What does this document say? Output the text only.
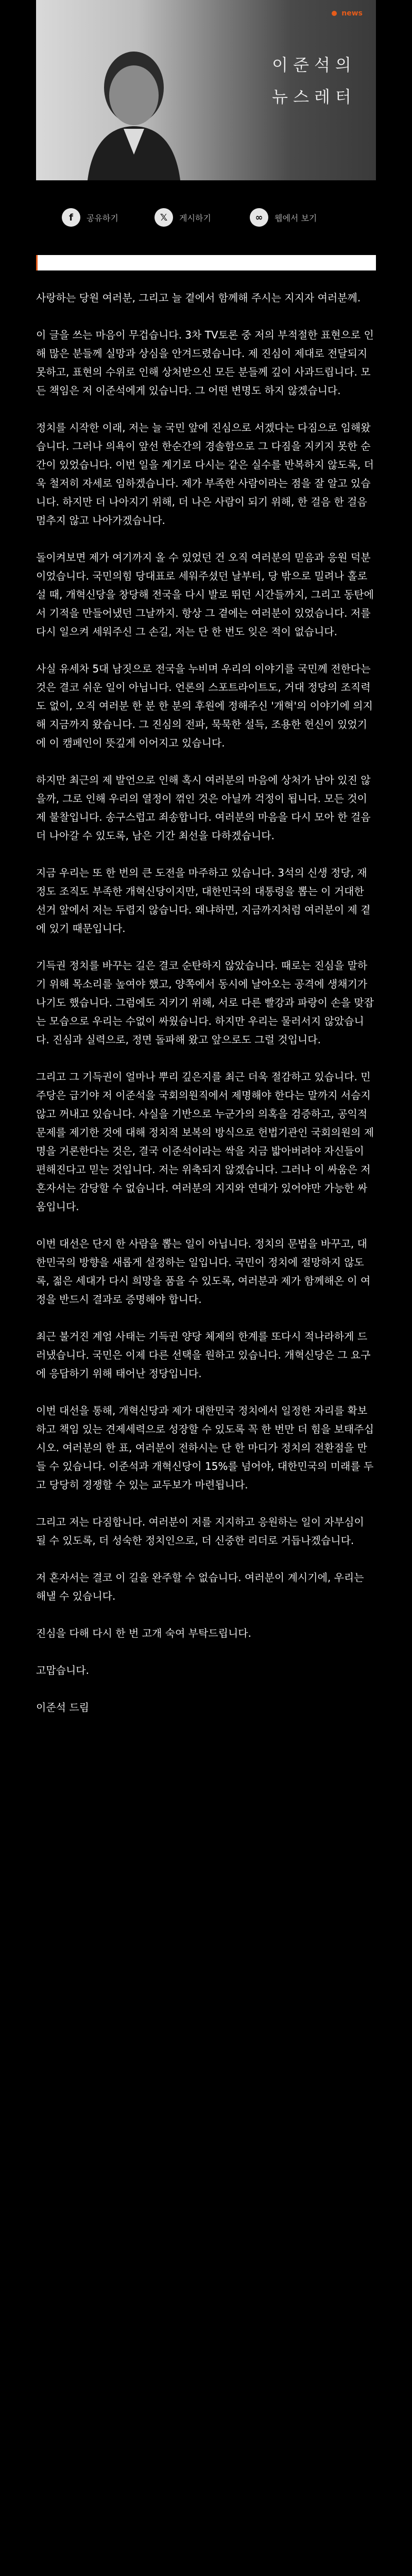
news
이준석의
뉴스레터
f	공유하기	𝕏	게시하기	∞	웹에서 보기

사랑하는 당원 여러분, 그리고 늘 곁에서 함께해 주시는 지지자 여러분께.

이 글을 쓰는 마음이 무겁습니다. 3차 TV토론 중 저의 부적절한 표현으로 인해 많은 분들께 실망과 상심을 안겨드렸습니다. 제 진심이 제대로 전달되지 못하고, 표현의 수위로 인해 상처받으신 모든 분들께 깊이 사과드립니다. 모든 책임은 저 이준석에게 있습니다. 그 어떤 변명도 하지 않겠습니다.

정치를 시작한 이래, 저는 늘 국민 앞에 진심으로 서겠다는 다짐으로 임해왔습니다. 그러나 의욕이 앞선 한순간의 경솔함으로 그 다짐을 지키지 못한 순간이 있었습니다. 이번 일을 계기로 다시는 같은 실수를 반복하지 않도록, 더욱 철저히 자세로 임하겠습니다. 제가 부족한 사람이라는 점을 잘 알고 있습니다. 하지만 더 나아지기 위해, 더 나은 사람이 되기 위해, 한 걸음 한 걸음 멈추지 않고 나아가겠습니다.

돌이켜보면 제가 여기까지 올 수 있었던 건 오직 여러분의 믿음과 응원 덕분이었습니다. 국민의힘 당대표로 세워주셨던 날부터, 당 밖으로 밀려나 홀로 설 때, 개혁신당을 창당해 전국을 다시 발로 뛰던 시간들까지, 그리고 동탄에서 기적을 만들어냈던 그날까지. 항상 그 곁에는 여러분이 있었습니다. 저를 다시 일으켜 세워주신 그 손길, 저는 단 한 번도 잊은 적이 없습니다.

사실 유세차 5대 남짓으로 전국을 누비며 우리의 이야기를 국민께 전한다는 것은 결코 쉬운 일이 아닙니다. 언론의 스포트라이트도, 거대 정당의 조직력도 없이, 오직 여러분 한 분 한 분의 후원에 정해주신 '개혁'의 이야기에 의지해 지금까지 왔습니다. 그 진심의 전파, 묵묵한 설득, 조용한 헌신이 있었기에 이 캠페인이 뜻깊게 이어지고 있습니다.

하지만 최근의 제 발언으로 인해 혹시 여러분의 마음에 상처가 남아 있진 않을까, 그로 인해 우리의 열정이 꺾인 것은 아닐까 걱정이 됩니다. 모든 것이 제 불찰입니다. 송구스럽고 죄송합니다. 여러분의 마음을 다시 모아 한 걸음 더 나아갈 수 있도록, 남은 기간 최선을 다하겠습니다.

지금 우리는 또 한 번의 큰 도전을 마주하고 있습니다. 3석의 신생 정당, 재정도 조직도 부족한 개혁신당이지만, 대한민국의 대통령을 뽑는 이 거대한 선거 앞에서 저는 두렵지 않습니다. 왜냐하면, 지금까지처럼 여러분이 제 곁에 있기 때문입니다.

기득권 정치를 바꾸는 길은 결코 순탄하지 않았습니다. 때로는 진심을 말하기 위해 목소리를 높여야 했고, 양쪽에서 동시에 날아오는 공격에 생채기가 나기도 했습니다. 그럼에도 지키기 위해, 서로 다른 빨강과 파랑이 손을 맞잡는 모습으로 우리는 수없이 싸웠습니다. 하지만 우리는 물러서지 않았습니다. 진심과 실력으로, 정면 돌파해 왔고 앞으로도 그럴 것입니다.

그리고 그 기득권이 얼마나 뿌리 깊은지를 최근 더욱 절감하고 있습니다. 민주당은 급기야 저 이준석을 국회의원직에서 제명해야 한다는 말까지 서슴지 않고 꺼내고 있습니다. 사실을 기반으로 누군가의 의혹을 검증하고, 공익적 문제를 제기한 것에 대해 정치적 보복의 방식으로 헌법기관인 국회의원의 제명을 거론한다는 것은, 결국 이준석이라는 싹을 지금 밟아버려야 자신들이 편해진다고 믿는 것입니다. 저는 위축되지 않겠습니다. 그러나 이 싸움은 저 혼자서는 감당할 수 없습니다. 여러분의 지지와 연대가 있어야만 가능한 싸움입니다.

이번 대선은 단지 한 사람을 뽑는 일이 아닙니다. 정치의 문법을 바꾸고, 대한민국의 방향을 새롭게 설정하는 일입니다. 국민이 정치에 절망하지 않도록, 젊은 세대가 다시 희망을 품을 수 있도록, 여러분과 제가 함께해온 이 여정을 반드시 결과로 증명해야 합니다.

최근 불거진 계엄 사태는 기득권 양당 체제의 한계를 또다시 적나라하게 드러냈습니다. 국민은 이제 다른 선택을 원하고 있습니다. 개혁신당은 그 요구에 응답하기 위해 태어난 정당입니다.

이번 대선을 통해, 개혁신당과 제가 대한민국 정치에서 일정한 자리를 확보하고 책임 있는 견제세력으로 성장할 수 있도록 꼭 한 번만 더 힘을 보태주십시오. 여러분의 한 표, 여러분이 전하시는 단 한 마디가 정치의 전환점을 만들 수 있습니다. 이준석과 개혁신당이 15%를 넘어야, 대한민국의 미래를 두고 당당히 경쟁할 수 있는 교두보가 마련됩니다.

그리고 저는 다짐합니다. 여러분이 저를 지지하고 응원하는 일이 자부심이 될 수 있도록, 더 성숙한 정치인으로, 더 신중한 리더로 거듭나겠습니다.

저 혼자서는 결코 이 길을 완주할 수 없습니다. 여러분이 계시기에, 우리는 해낼 수 있습니다.

진심을 다해 다시 한 번 고개 숙여 부탁드립니다.

고맙습니다.

이준석 드림
